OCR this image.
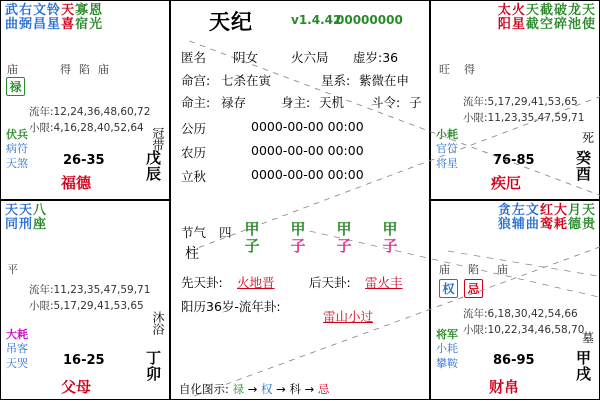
武
曲
右
弼
文
昌
铃
星
天
喜
寡
宿
恩
光
庙	得 陷 庙
禄
流年:12,24,36,48,60,72
小限:4,16,28,40,52,64 冠带
伏兵
病符
天煞	26-35
福德
戊
辰
天
同
天
刑
八
座
平
流年:11,23,35,47,59,71
小限:5,17,29,41,53,65
沐浴
大耗
吊客
天哭	16-25
父母
丁
卯
太
阳
火
星
天
截
截
空
破
碎
龙
池
天
使
旺 得
流年:5,17,29,41,53,65
小限:11,23,35,47,59,71
死
小耗
官符
将星	76-85
疾厄
癸
酉
贪
狼
左
辅
文
曲
红
鸾
大
耗
月
德
天
贵
庙 陷 庙
权 忌
流年:6,18,30,42,54,66
小限:10,22,34,46,58,70
墓
将军
小耗
攀鞍	86-95
财帛
甲
戌
天纪	v1.4.42
00000000
匿名 阴女	火六局 虚岁:36
命宫: 七杀在寅	星系: 紫微在申
命主: 禄存	身主: 天机 斗令: 子
公历	0000-00-00 00:00
农历	0000-00-00 00:00
立秋	0000-00-00 00:00
节气 四
柱
甲
子
甲
子
甲
子
甲
子
先天卦: 火地晋	后天卦: 雷火丰
阳历36岁-流年卦:
雷山小过
自化图示: 禄 → 权 → 科 → 忌
